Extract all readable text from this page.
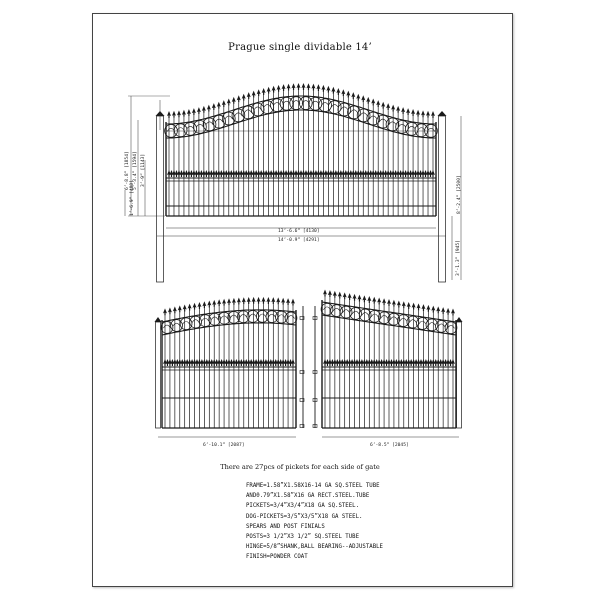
Prague single dividable 14’
6’-8.8” [1854] 5’-3.4” [1594] 3’-9” [1143]
1’-6.9” [480]	8’-2.4” [2500]
3’-1.3” [945]
13’-6.6” [4130]
14’-0.9” [4291]
6’-10.1” [2087]	6’-8.5” [2045]
There are 27pcs of pickets for each side of gate
FRAME=1.58”X1.58X16-14 GA SQ.STEEL TUBE
AND0.79”X1.58”X16 GA RECT.STEEL.TUBE
PICKETS=3/4”X3/4”X18 GA SQ.STEEL.
DOG-PICKETS=3/5”X3/5”X18 GA STEEL.
SPEARS AND POST FINIALS
POSTS=3 1/2”X3 1/2” SQ.STEEL TUBE
HINGE=5/8”SHANK,BALL BEARING--ADJUSTABLE
FINISH=POWDER COAT
